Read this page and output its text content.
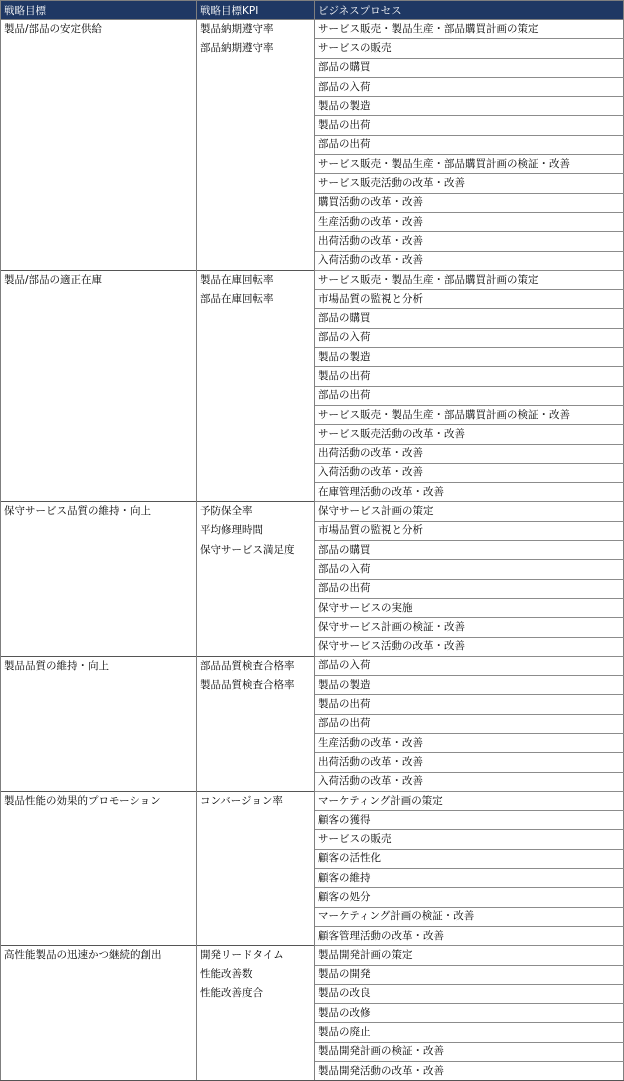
戦略目標	戦略目標KPI	ビジネスプロセス
製品/部品の安定供給	製品納期遵守率	サービス販売・製品生産・部品購買計画の策定
	部品納期遵守率	サービスの販売
		部品の購買
		部品の入荷
		製品の製造
		製品の出荷
		部品の出荷
		サービス販売・製品生産・部品購買計画の検証・改善
		サービス販売活動の改革・改善
		購買活動の改革・改善
		生産活動の改革・改善
		出荷活動の改革・改善
		入荷活動の改革・改善
製品/部品の適正在庫	製品在庫回転率	サービス販売・製品生産・部品購買計画の策定
	部品在庫回転率	市場品質の監視と分析
		部品の購買
		部品の入荷
		製品の製造
		製品の出荷
		部品の出荷
		サービス販売・製品生産・部品購買計画の検証・改善
		サービス販売活動の改革・改善
		出荷活動の改革・改善
		入荷活動の改革・改善
		在庫管理活動の改革・改善
保守サービス品質の維持・向上	予防保全率	保守サービス計画の策定
	平均修理時間	市場品質の監視と分析
	保守サービス満足度	部品の購買
		部品の入荷
		部品の出荷
		保守サービスの実施
		保守サービス計画の検証・改善
		保守サービス活動の改革・改善
製品品質の維持・向上	部品品質検査合格率	部品の入荷
	製品品質検査合格率	製品の製造
		製品の出荷
		部品の出荷
		生産活動の改革・改善
		出荷活動の改革・改善
		入荷活動の改革・改善
製品性能の効果的プロモーション	コンバージョン率	マーケティング計画の策定
		顧客の獲得
		サービスの販売
		顧客の活性化
		顧客の維持
		顧客の処分
		マーケティング計画の検証・改善
		顧客管理活動の改革・改善
高性能製品の迅速かつ継続的創出	開発リードタイム	製品開発計画の策定
	性能改善数	製品の開発
	性能改善度合	製品の改良
		製品の改修
		製品の廃止
		製品開発計画の検証・改善
		製品開発活動の改革・改善
